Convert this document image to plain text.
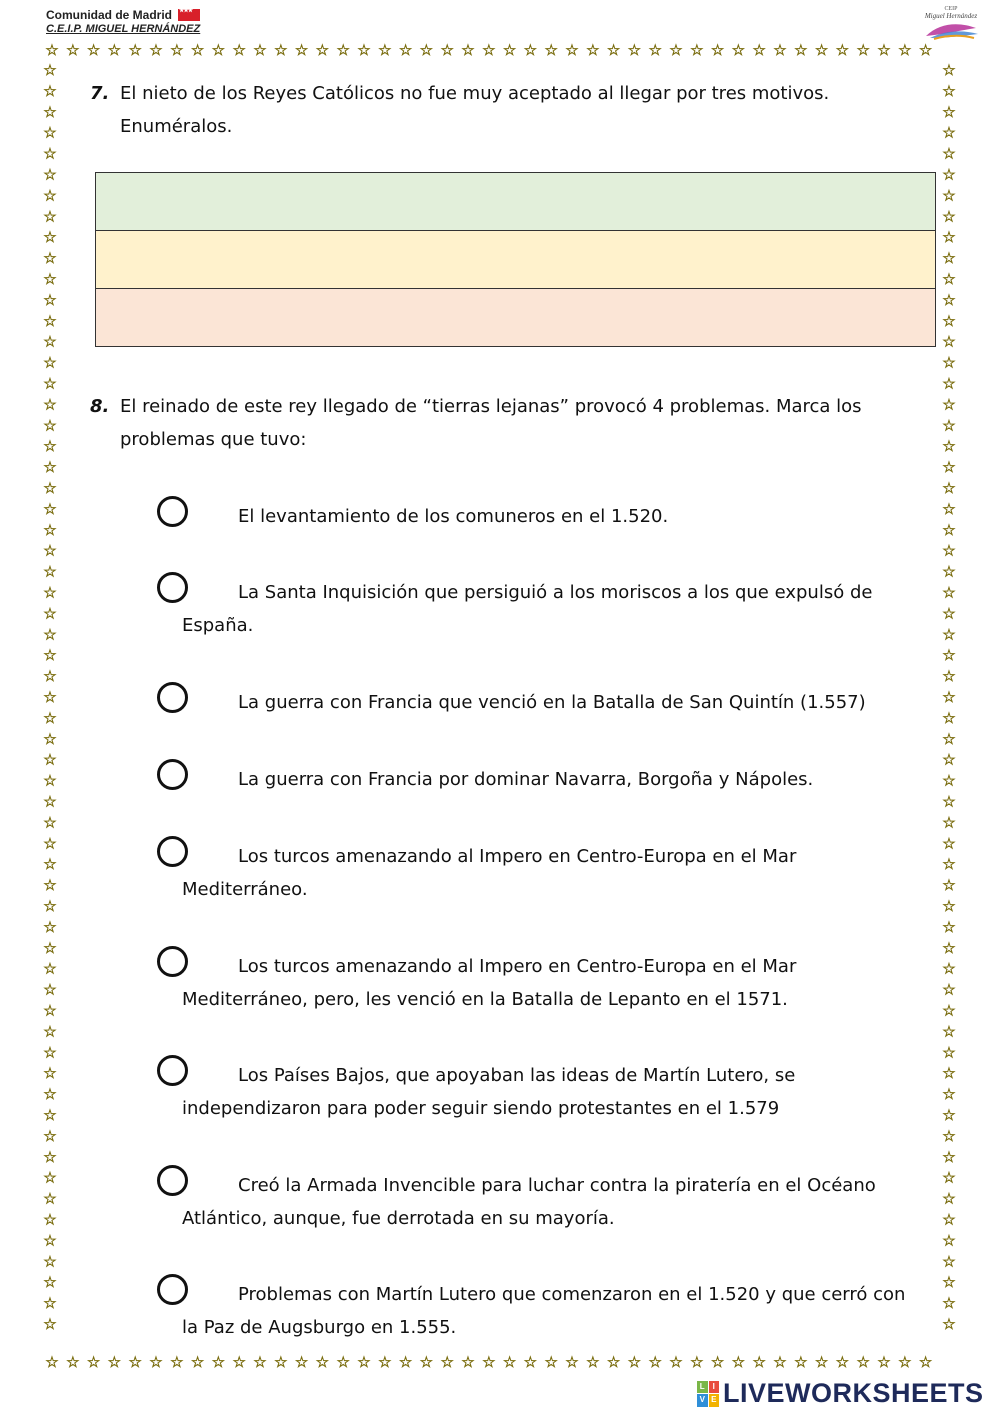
Comunidad de Madrid
★★★
C.E.I.P. MIGUEL HERNÁNDEZ
CEIP
Miguel Hernández
☆
☆
☆
☆
☆
☆
☆
☆
☆
☆
☆
☆
☆
☆
☆
☆
☆
☆
☆
☆
☆
☆
☆
☆
☆
☆
☆
☆
☆
☆
☆
☆
☆
☆
☆
☆
☆
☆
☆
☆
☆
☆
☆
☆
☆
☆
☆
☆
☆
☆
☆
☆
☆
☆
☆
☆
☆
☆
☆
☆
☆
☆
☆
☆
☆
☆
☆
☆
☆
☆
☆
☆
☆
☆
☆
☆
☆
☆
☆
☆
☆
☆
☆
☆
☆
☆
☆	☆
☆	☆
☆	☆
☆	☆
☆	☆
☆	☆
☆	☆
☆	☆
☆	☆
☆	☆
☆	☆
☆	☆
☆	☆
☆	☆
☆	☆
☆	☆
☆	☆
☆	☆
☆	☆
☆	☆
☆	☆
☆	☆
☆	☆
☆	☆
☆	☆
☆	☆
☆	☆
☆	☆
☆	☆
☆	☆
☆	☆
☆	☆
☆	☆
☆	☆
☆	☆
☆	☆
☆	☆
☆	☆
☆	☆
☆	☆
☆	☆
☆	☆
☆	☆
☆	☆
☆	☆
☆	☆
☆	☆
☆	☆
☆	☆
☆	☆
☆	☆
☆	☆
☆	☆
☆	☆
☆	☆
☆	☆
☆	☆
☆	☆
☆	☆
☆	☆
☆	☆
7. El nieto de los Reyes Católicos no fue muy aceptado al llegar por tres motivos. Enuméralos.
8. El reinado de este rey llegado de “tierras lejanas” provocó 4 problemas. Marca los problemas que tuvo:
El levantamiento de los comuneros en el 1.520.
La Santa Inquisición que persiguió a los moriscos a los que expulsó de España.
La guerra con Francia que venció en la Batalla de San Quintín (1.557)
La guerra con Francia por dominar Navarra, Borgoña y Nápoles.
Los turcos amenazando al Impero en Centro-Europa en el Mar Mediterráneo.
Los turcos amenazando al Impero en Centro-Europa en el Mar Mediterráneo, pero, les venció en la Batalla de Lepanto en el 1571.
Los Países Bajos, que apoyaban las ideas de Martín Lutero, se independizaron para poder seguir siendo protestantes en el 1.579
Creó la Armada Invencible para luchar contra la piratería en el Océano Atlántico, aunque, fue derrotada en su mayoría.
Problemas con Martín Lutero que comenzaron en el 1.520 y que cerró con la Paz de Augsburgo en 1.555.
L I
V E LIVEWORKSHEETS
